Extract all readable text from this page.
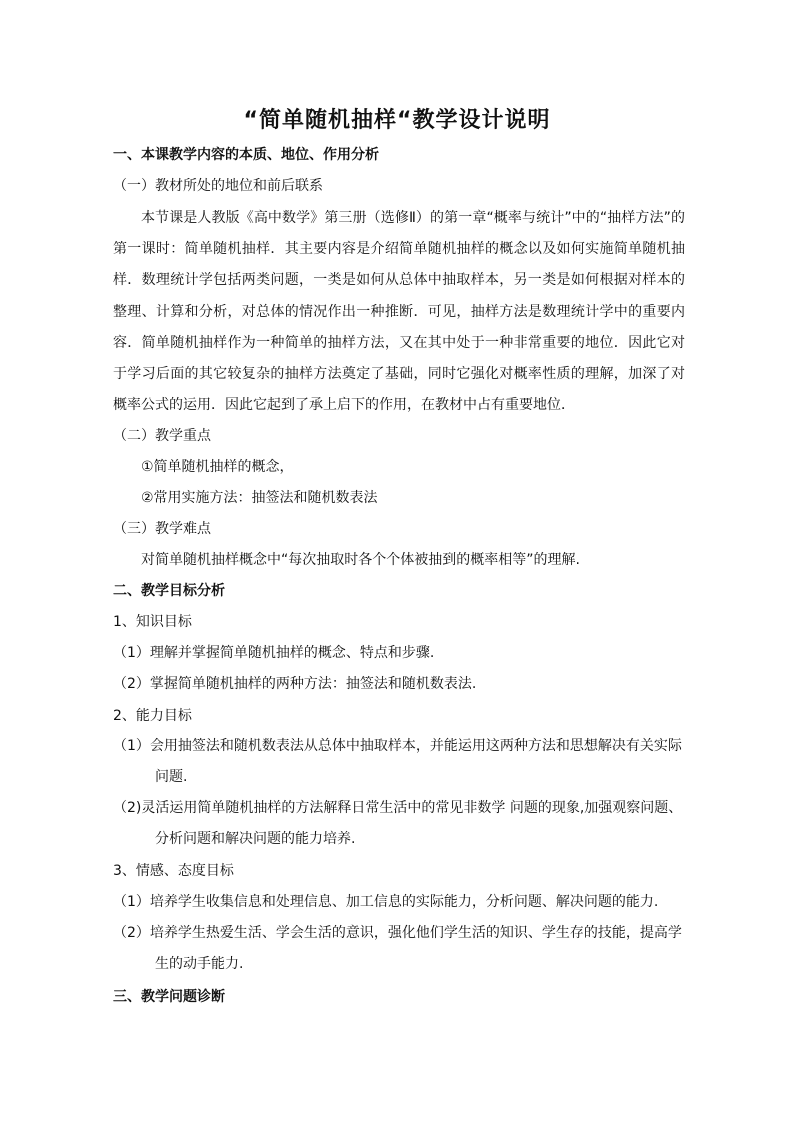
“简单随机抽样“教学设计说明
一、本课教学内容的本质、地位、作用分析
（一）教材所处的地位和前后联系
本节课是人教版《高中数学》第三册（选修Ⅱ）的第一章“概率与统计”中的“抽样方法”的第一课时：简单随机抽样．其主要内容是介绍简单随机抽样的概念以及如何实施简单随机抽样．数理统计学包括两类问题，一类是如何从总体中抽取样本，另一类是如何根据对样本的整理、计算和分析，对总体的情况作出一种推断．可见，抽样方法是数理统计学中的重要内容．简单随机抽样作为一种简单的抽样方法，又在其中处于一种非常重要的地位．因此它对于学习后面的其它较复杂的抽样方法奠定了基础，同时它强化对概率性质的理解，加深了对概率公式的运用．因此它起到了承上启下的作用，在教材中占有重要地位．
（二）教学重点
①简单随机抽样的概念，
②常用实施方法：抽签法和随机数表法
（三）教学难点
对简单随机抽样概念中“每次抽取时各个个体被抽到的概率相等”的理解.
二、教学目标分析
1、知识目标
（1）理解并掌握简单随机抽样的概念、特点和步骤.
（2）掌握简单随机抽样的两种方法：抽签法和随机数表法.
2、能力目标
（1）会用抽签法和随机数表法从总体中抽取样本，并能运用这两种方法和思想解决有关实际问题.
（2)灵活运用简单随机抽样的方法解释日常生活中的常见非数学 问题的现象,加强观察问题、分析问题和解决问题的能力培养.
3、情感、态度目标
（1）培养学生收集信息和处理信息、加工信息的实际能力，分析问题、解决问题的能力.
（2）培养学生热爱生活、学会生活的意识，强化他们学生活的知识、学生存的技能，提高学生的动手能力.
三、教学问题诊断
